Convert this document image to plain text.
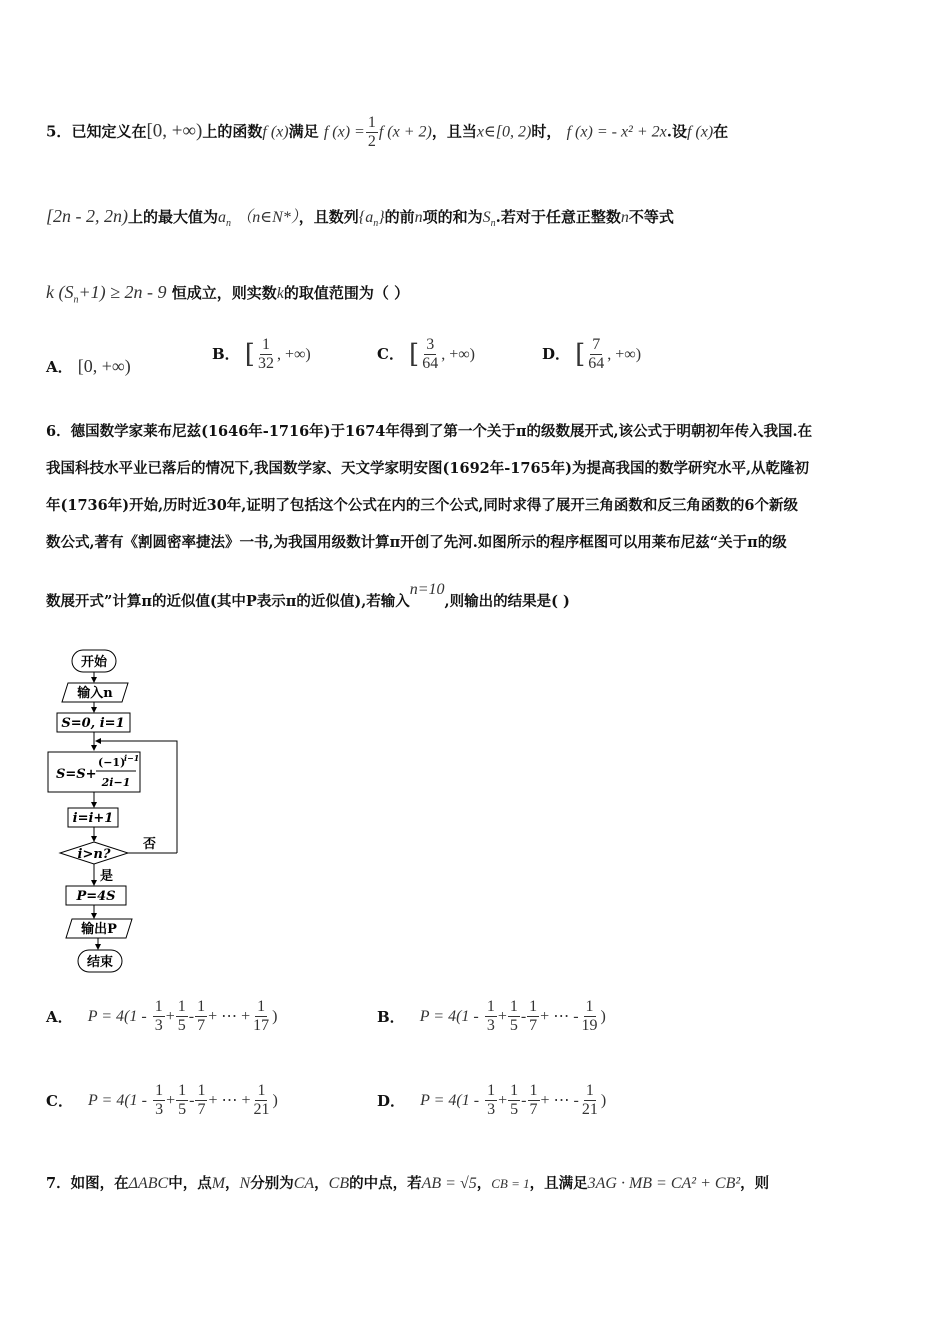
5．已知定义在[0, +∞)上的函数f (x)满足 f $(x) = \frac{1}{2}$ f (x + 2)，且当x∈[0, 2)时， f (x) = - x² + 2x.设f (x)在
[2n - 2, 2n)上的最大值为$a_n$ （n∈N*），且数列$\{a_n\}$的前n项的和为$S_n$.若对于任意正整数n不等式
k $(S_n+1) \ge 2n - 9$ 恒成立，则实数k的取值范围为（ ）
A． [0, +∞)
B． [ $\frac{1}{32}$ , +∞)	C． [ $\frac{3}{64}$ , +∞)	D． [ $\frac{7}{64}$ , +∞)
6．德国数学家莱布尼兹(1646年-1716年)于1674年得到了第一个关于π的级数展开式,该公式于明朝初年传入我国.在
我国科技水平业已落后的情况下,我国数学家、天文学家明安图(1692年-1765年)为提高我国的数学研究水平,从乾隆初
年(1736年)开始,历时近30年,证明了包括这个公式在内的三个公式,同时求得了展开三角函数和反三角函数的6个新级
数公式,著有《割圆密率捷法》一书,为我国用级数计算π开创了先河.如图所示的程序框图可以用莱布尼兹“关于π的级
数展开式”计算π的近似值(其中P表示π的近似值),若输入n=10,则输出的结果是( )
开始
输入n
S=0, i=1
S=S+
(−1)
i−1
2i−1
i=i+1
i>n?
否
是
P=4S
输出P
结束
A． $P = 4(1 - \frac{1}{3} + \frac{1}{5} - \frac{1}{7}$ + ⋯ + $\frac{1}{17}$ )	B． $P = 4(1 - \frac{1}{3} + \frac{1}{5} - \frac{1}{7}$ + ⋯ - $\frac{1}{19}$ )
C． $P = 4(1 - \frac{1}{3} + \frac{1}{5} - \frac{1}{7}$ + ⋯ + $\frac{1}{21}$ )	D． $P = 4(1 - \frac{1}{3} + \frac{1}{5} - \frac{1}{7}$ + ⋯ - $\frac{1}{21}$ )
7．如图，在ΔABC中，点M，N分别为CA，CB的中点，若AB = √5，CB = 1，且满足3AG · MB = CA² + CB²，则
